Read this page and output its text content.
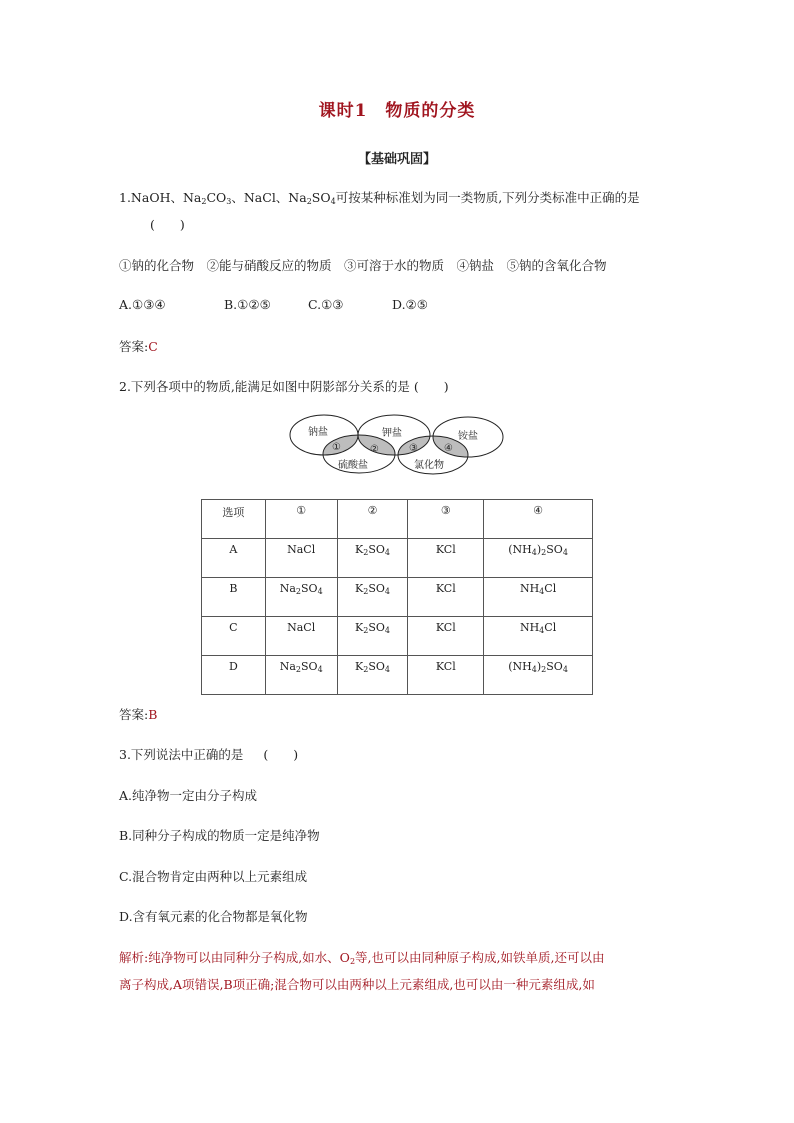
课时1　物质的分类
【基础巩固】
1.NaOH、$Na_2CO_3$、NaCl、$Na_2SO_4$可按某种标准划为同一类物质,下列分类标准中正确的是
(　　)
①钠的化合物　②能与硝酸反应的物质　③可溶于水的物质　④钠盐　⑤钠的含氧化合物
A.①③④	B.①②⑤	C.①③	D.②⑤
答案:C
2.下列各项中的物质,能满足如图中阴影部分关系的是 (　　)
钠盐	钾盐	铵盐
硫酸盐	氯化物
①	②	③	④
选项	①	②	③	④
A	NaCl	$K_2SO_4$	KCl	$(NH_4)_2SO_4$
B	$Na_2SO_4$	$K_2SO_4$	KCl	$NH_4Cl$
C	NaCl	$K_2SO_4$	KCl	$NH_4Cl$
D	$Na_2SO_4$	$K_2SO_4$	KCl	$(NH_4)_2SO_4$
答案:B
3.下列说法中正确的是 (　　)
A.纯净物一定由分子构成
B.同种分子构成的物质一定是纯净物
C.混合物肯定由两种以上元素组成
D.含有氧元素的化合物都是氧化物
解析:纯净物可以由同种分子构成,如水、$O_2$等,也可以由同种原子构成,如铁单质,还可以由
离子构成,A项错误,B项正确;混合物可以由两种以上元素组成,也可以由一种元素组成,如
